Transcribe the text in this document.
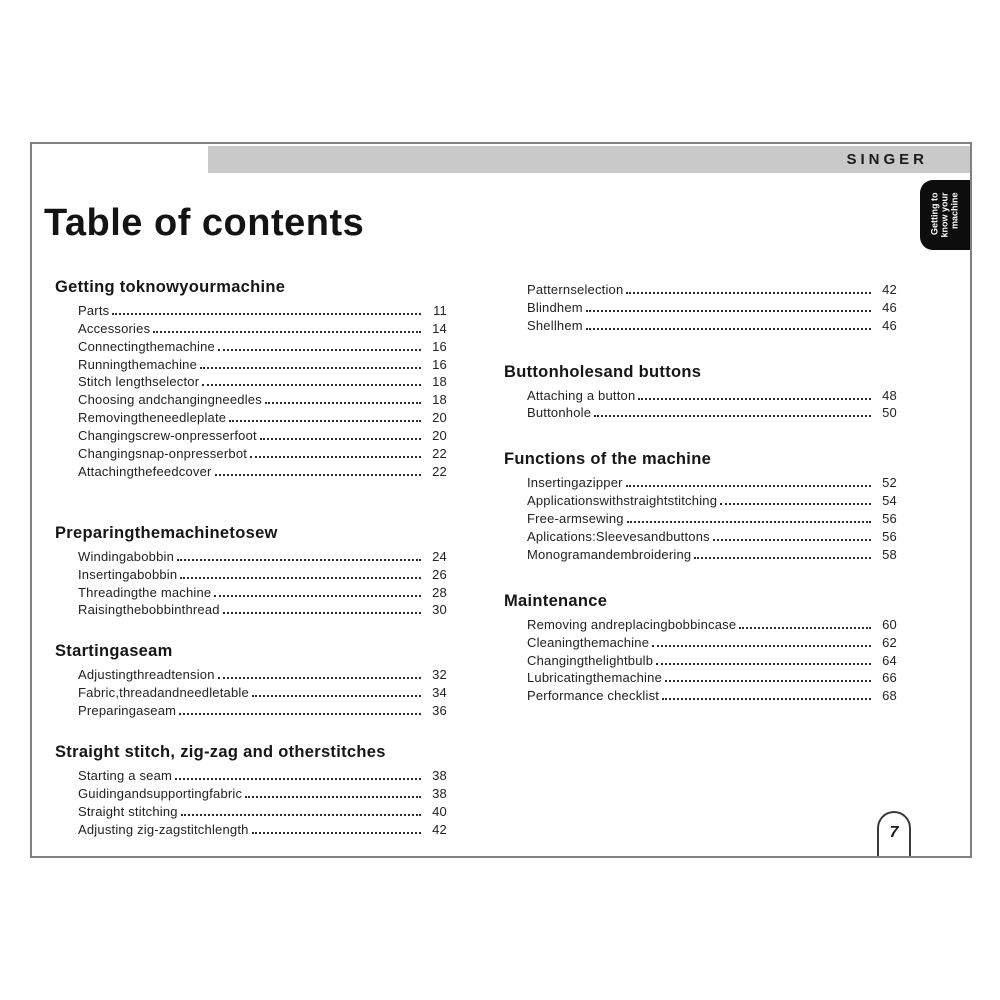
SINGER
Getting to know your machine
Table of contents
Getting toknowyourmachine
Parts	11
Accessories	14
Connectingthemachine	16
Runningthemachine	16
Stitch lengthselector	18
Choosing andchangingneedles	18
Removingtheneedleplate	20
Changingscrew-onpresserfoot	20
Changingsnap-onpresserbot	22
Attachingthefeedcover	22
Preparingthemachinetosew
Windingabobbin	24
Insertingabobbin	26
Threadingthe machine	28
Raisingthebobbinthread	30
Startingaseam
Adjustingthreadtension	32
Fabric,threadandneedletable	34
Preparingaseam	36
Straight stitch, zig-zag and otherstitches
Starting a seam	38
Guidingandsupportingfabric	38
Straight stitching	40
Adjusting zig-zagstitchlength	42
Patternselection	42
Blindhem	46
Shellhem	46
Buttonholesand buttons
Attaching a button	48
Buttonhole	50
Functions of the machine
Insertingazipper	52
Applicationswithstraightstitching	54
Free-armsewing	56
Aplications:Sleevesandbuttons	56
Monogramandembroidering	58
Maintenance
Removing andreplacingbobbincase	60
Cleaningthemachine	62
Changingthelightbulb	64
Lubricatingthemachine	66
Performance checklist	68
7
